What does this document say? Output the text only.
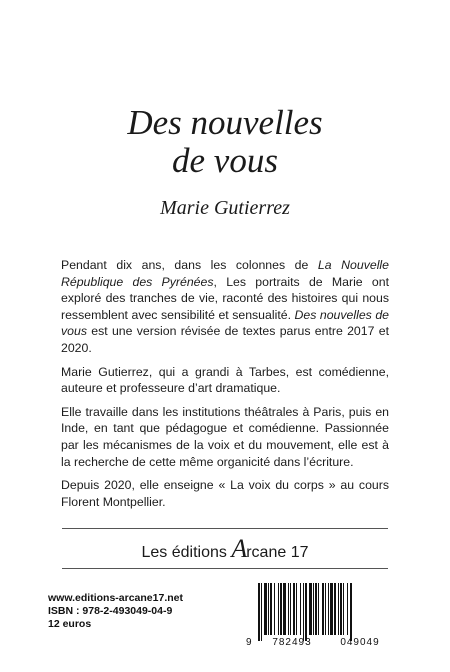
Des nouvelles
de vous
Marie Gutierrez

Pendant dix ans, dans les colonnes de La Nouvelle République des Pyrénées, Les portraits de Marie ont exploré des tranches de vie, raconté des histoires qui nous ressemblent avec sensibilité et sensualité. Des nouvelles de vous est une version révisée de textes parus entre 2017 et 2020.

Marie Gutierrez, qui a grandi à Tarbes, est comédienne, auteure et professeure d’art dramatique.

Elle travaille dans les institutions théâtrales à Paris, puis en Inde, en tant que pédagogue et comédienne. Passionnée par les mécanismes de la voix et du mouvement, elle est à la recherche de cette même organicité dans l’écriture.

Depuis 2020, elle enseigne « La voix du corps » au cours Florent Montpellier.

Les éditions Arcane 17
www.editions-arcane17.net
ISBN : 978-2-493049-04-9
12 euros
9	782493	049049
